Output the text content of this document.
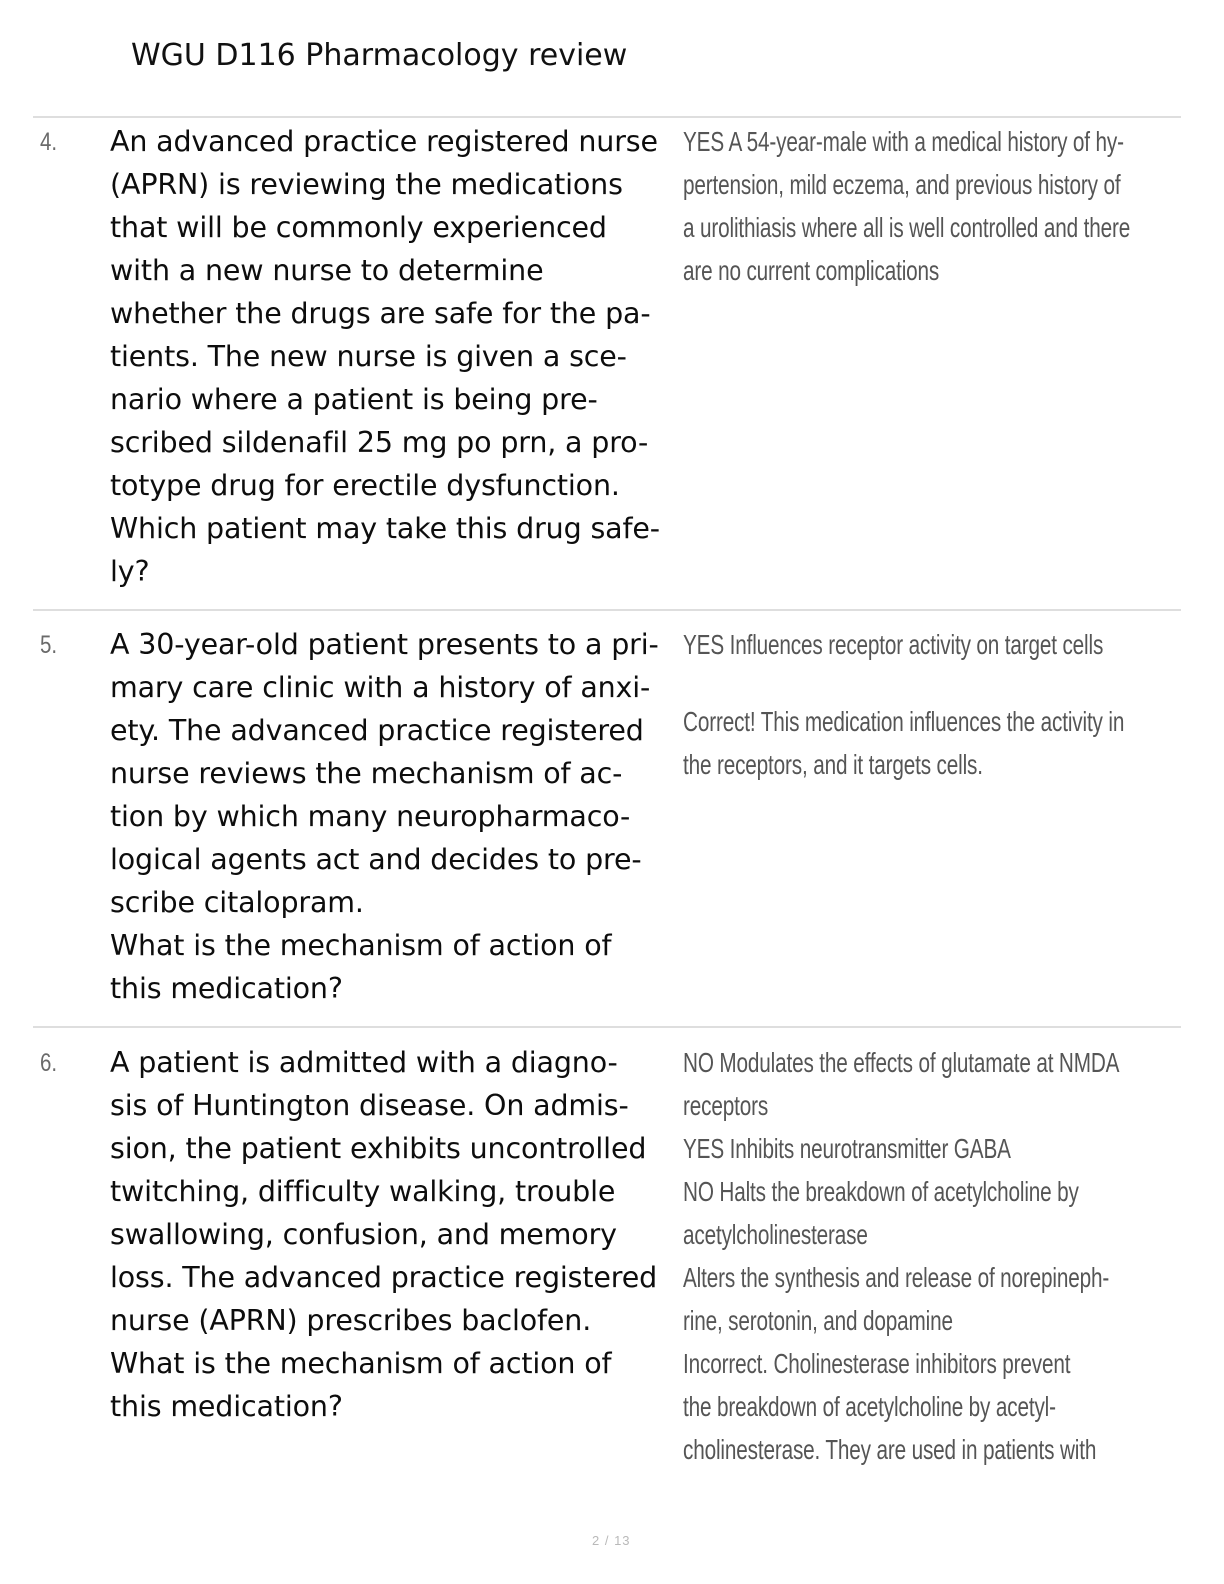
WGU D116 Pharmacology review
4. An advanced practice registered nurse
(APRN) is reviewing the medications
that will be commonly experienced
with a new nurse to determine
whether the drugs are safe for the pa-
tients. The new nurse is given a sce-
nario where a patient is being pre-
scribed sildenafil 25 mg po prn, a pro-
totype drug for erectile dysfunction.
Which patient may take this drug safe-
ly?
YES A 54-year-male with a medical history of hy-
pertension, mild eczema, and previous history of
a urolithiasis where all is well controlled and there
are no current complications
5. A 30-year-old patient presents to a pri-
mary care clinic with a history of anxi-
ety. The advanced practice registered
nurse reviews the mechanism of ac-
tion by which many neuropharmaco-
logical agents act and decides to pre-
scribe citalopram.
What is the mechanism of action of
this medication?
YES Influences receptor activity on target cells
Correct! This medication influences the activity in
the receptors, and it targets cells.
6. A patient is admitted with a diagno-
sis of Huntington disease. On admis-
sion, the patient exhibits uncontrolled
twitching, difficulty walking, trouble
swallowing, confusion, and memory
loss. The advanced practice registered
nurse (APRN) prescribes baclofen.
What is the mechanism of action of
this medication?
NO Modulates the effects of glutamate at NMDA
receptors
YES Inhibits neurotransmitter GABA
NO Halts the breakdown of acetylcholine by
acetylcholinesterase
Alters the synthesis and release of norepineph-
rine, serotonin, and dopamine
Incorrect. Cholinesterase inhibitors prevent
the breakdown of acetylcholine by acetyl-
cholinesterase. They are used in patients with
2 / 13
